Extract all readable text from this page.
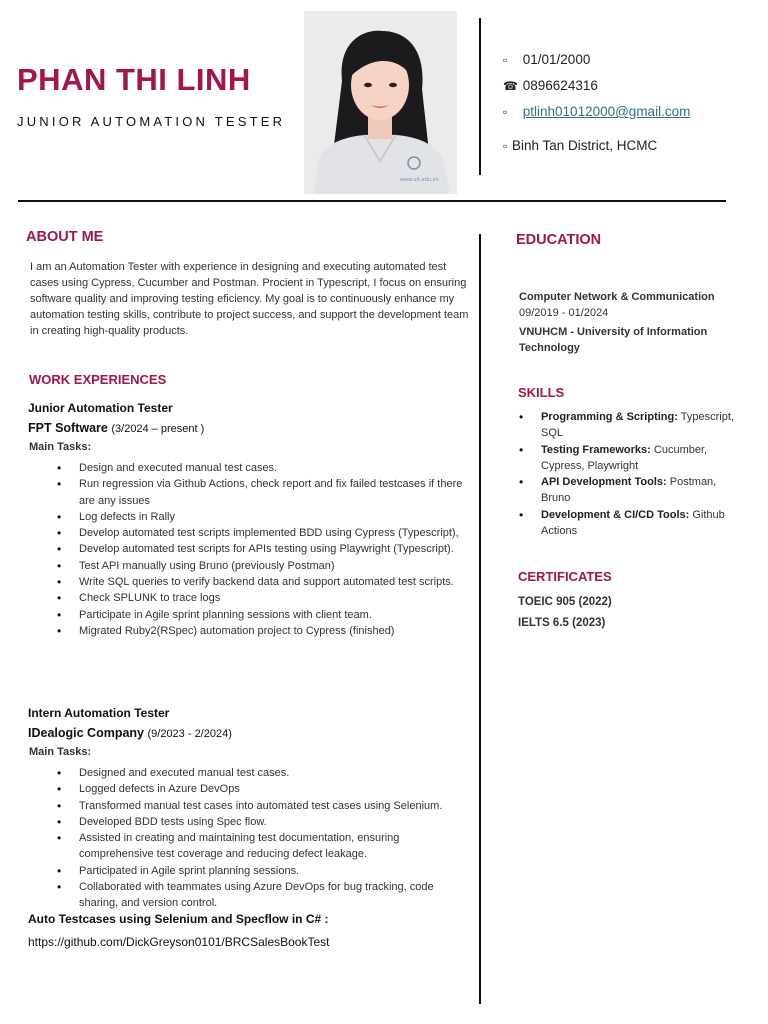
PHAN THI LINH
JUNIOR AUTOMATION TESTER
www.uit.edu.vn
▫ 01/01/2000
☎ 0896624316
▫ ptlinh01012000@gmail.com
▫ Binh Tan District, HCMC
ABOUT ME
I am an Automation Tester with experience in designing and executing automated test cases using Cypress, Cucumber and Postman. Procient in Typescript, I focus on ensuring software quality and improving testing eficiency. My goal is to continuously enhance my automation testing skills, contribute to project success, and support the development team in creating high-quality products.
WORK EXPERIENCES
Junior Automation Tester
FPT Software (3/2024 – present )
Main Tasks:
• Design and executed manual test cases.
• Run regression via Github Actions, check report and fix failed testcases if there are any issues
• Log defects in Rally
• Develop automated test scripts implemented BDD using Cypress (Typescript),
• Develop automated test scripts for APIs testing using Playwright (Typescript).
• Test API manually using Bruno (previously Postman)
• Write SQL queries to verify backend data and support automated test scripts.
• Check SPLUNK to trace logs
• Participate in Agile sprint planning sessions with client team.
• Migrated Ruby2(RSpec) automation project to Cypress (finished)
Intern Automation Tester
IDealogic Company (9/2023 - 2/2024)
Main Tasks:
• Designed and executed manual test cases.
• Logged defects in Azure DevOps
• Transformed manual test cases into automated test cases using Selenium.
• Developed BDD tests using Spec flow.
• Assisted in creating and maintaining test documentation, ensuring comprehensive test coverage and reducing defect leakage.
• Participated in Agile sprint planning sessions.
• Collaborated with teammates using Azure DevOps for bug tracking, code sharing, and version control.
Auto Testcases using Selenium and Specflow in C# :
https://github.com/DickGreyson0101/BRCSalesBookTest
EDUCATION
Computer Network & Communication
09/2019 - 01/2024
VNUHCM - University of Information Technology
SKILLS
• Programming & Scripting: Typescript, SQL
• Testing Frameworks: Cucumber, Cypress, Playwright
• API Development Tools: Postman, Bruno
• Development & CI/CD Tools: Github Actions
CERTIFICATES
TOEIC 905 (2022)
IELTS 6.5 (2023)
